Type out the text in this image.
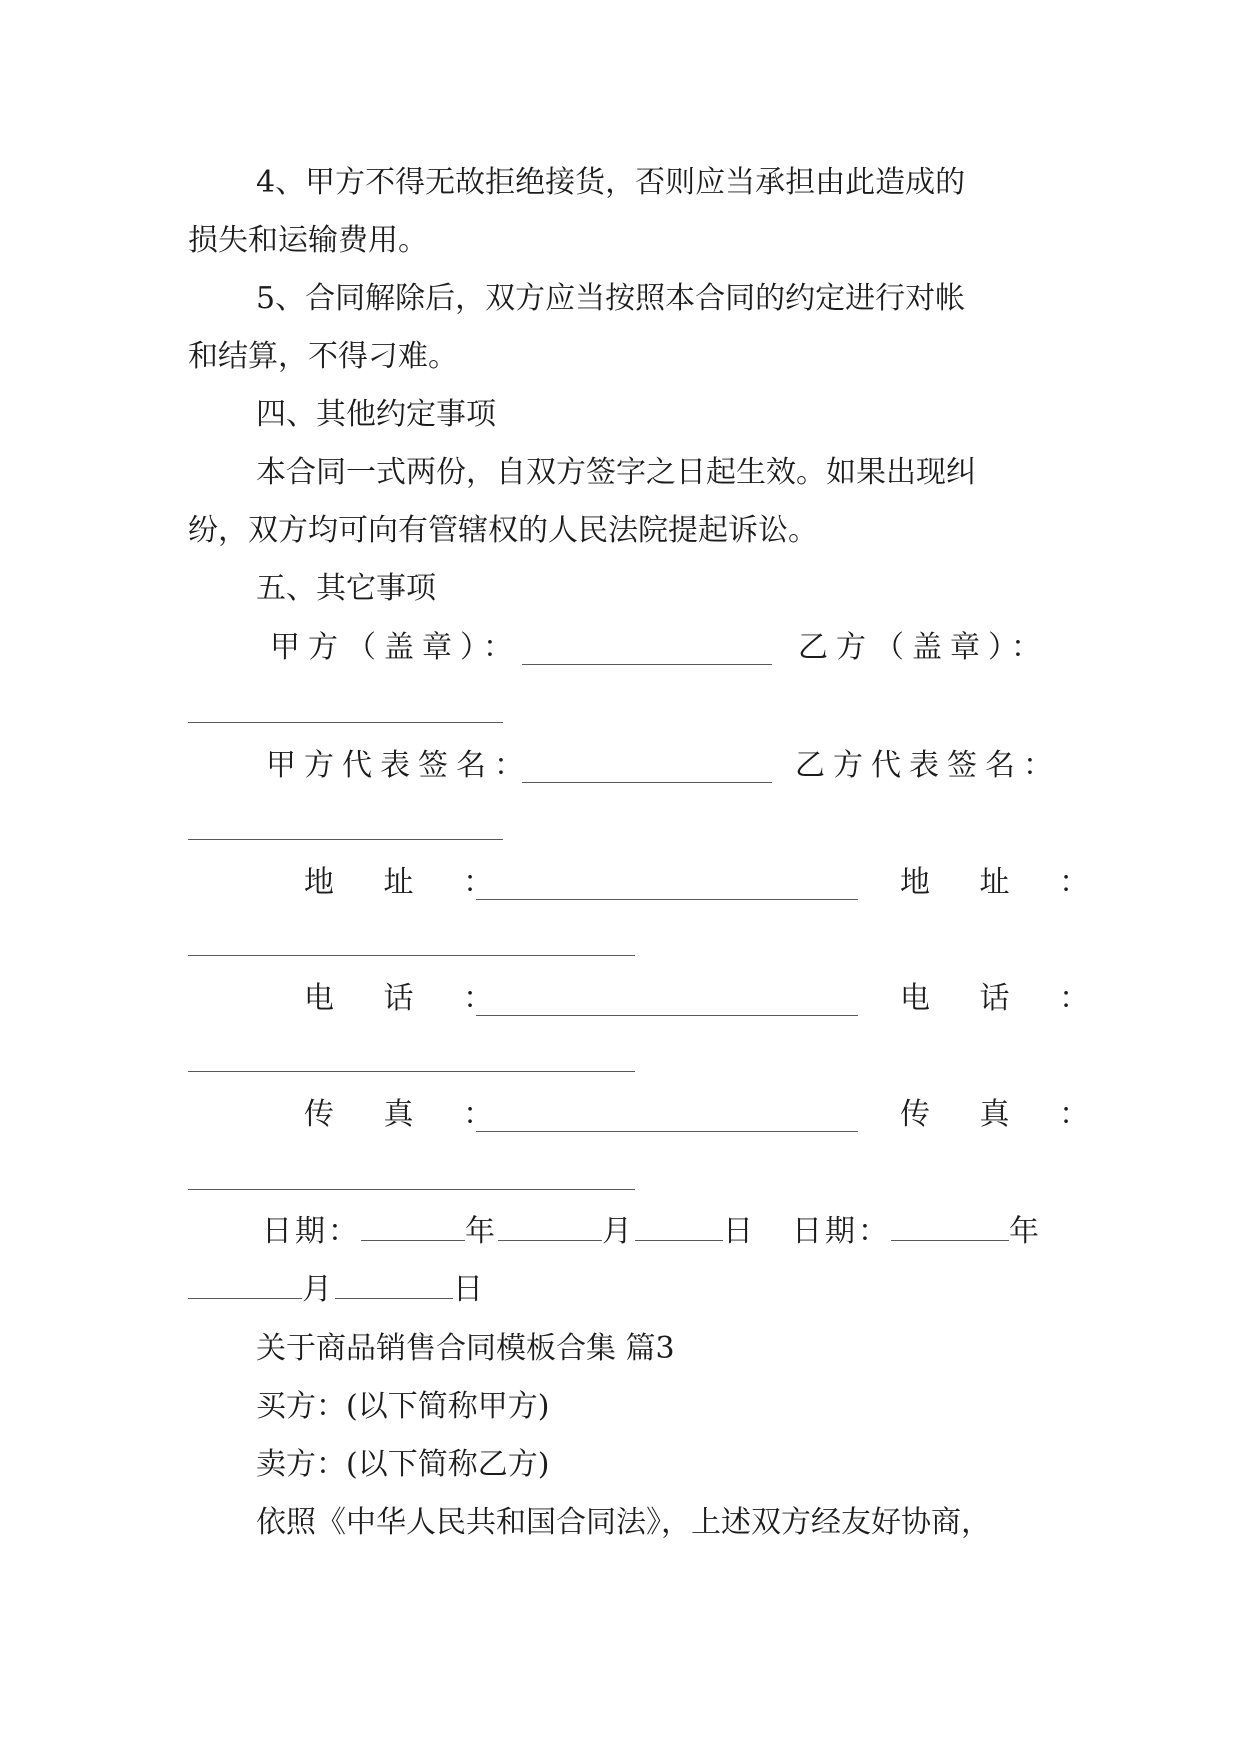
4、甲方不得无故拒绝接货，否则应当承担由此造成的
损失和运输费用。
5、合同解除后，双方应当按照本合同的约定进行对帐
和结算，不得刁难。
四、其他约定事项
本合同一式两份，自双方签字之日起生效。如果出现纠
纷，双方均可向有管辖权的人民法院提起诉讼。
五、其它事项
甲方（盖章）：	乙方（盖章）：
甲方代表签名：	乙方代表签名：
地 址 ：	地 址 ：
电 话 ：	电 话 ：
传 真 ：	传 真 ：
日期：	年	月	日 日期：	年
月	日
关于商品销售合同模板合集 篇3
买方：(以下简称甲方)
卖方：(以下简称乙方)
依照《中华人民共和国合同法》，上述双方经友好协商，
